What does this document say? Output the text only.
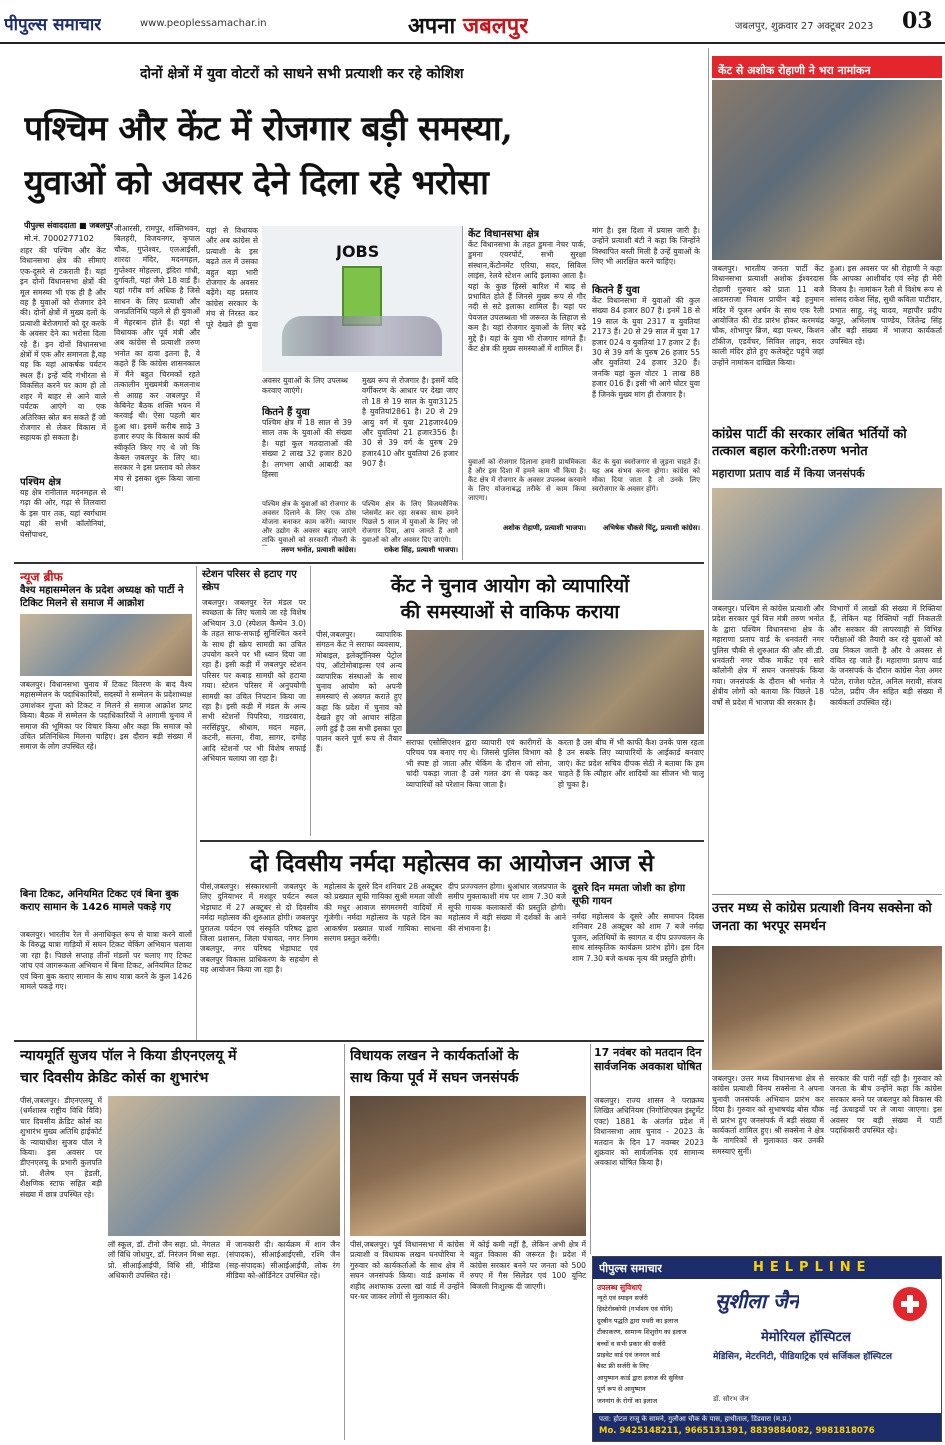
पीपुल्स समाचार	www.peoplessamachar.in	अपना जबलपुर	जबलपुर, शुक्रवार 27 अक्टूबर 2023 03
दोनों क्षेत्रों में युवा वोटरों को साधने सभी प्रत्याशी कर रहे कोशिश
पश्चिम और केंट में रोजगार बड़ी समस्या,
युवाओं को अवसर देने दिला रहे भरोसा
पीपुल्स संवाददाता ■ जबलपुर
मो.नं. 7000277102
शहर की पश्चिम और केंट विधानसभा क्षेत्र की सीमाएं एक-दूसरे से टकराती हैं। यहां इन दोनों विधानसभा क्षेत्रों की मूल समस्या भी एक ही है और वह है युवाओं को रोजगार देने की। दोनों क्षेत्रों में मुख्य दलों के प्रत्याशी बेरोजगारों को दूर करके के अवसर देने का भरोसा दिला रहे हैं। इन दोनों विधानसभा क्षेत्रों में एक और समानता है,वह यह कि यहां आकर्षक पर्यटन स्थल हैं। इन्हें यदि गंभीरता से विकसित करने पर काम हो तो शहर में बाहर से आने वाले पर्यटक आएंगे वा एक अतिरिक्त स्रोत बन सकते हैं जो रोजगार से लेकर विकास में सहायक हो सकता है।
पश्चिम क्षेत्र
यह क्षेत्र रानीताल मदनमहल से गढ़ा की ओर, गढ़ा से तिलवारा के इस पार तक, यहां स्वर्गधाम यहां की सभी कॉलोनियां, घेसोंपाथर,
जीआरसी, रामपुर, शक्तिभवन, बिलहरी, विजयनगर, कृपाल चौक, गुप्तेश्वर, एलआईसी, शारदा मंदिर, मदनमहल, गुप्तेश्वर मोहल्ला, इंदिरा गांधी, दुर्गावती, यहां जैसे 18 वार्ड हैं। यहां गरीब वर्ग अधिक है जिसे साधन के लिए प्रत्याशी और जनप्रतिनिधि पहले से ही युवाओं में मेहरबान होते हैं। यहां से विधायक और पूर्व मंत्री और अब कांग्रेस से प्रत्याशी तरुण भनोत का दावा इतना है, वे कहते हैं कि कांग्रेस शासनकाल में मैंने बहुत चिरमकों रहते तत्कालीन मुख्यमंत्री कमलनाथ से आग्रह कर जबलपुर में केबिनेट बैठक शक्ति भवन में करवाई थी। ऐसा पहली बार हुआ था। इसमें करीब साढ़े 3 हजार रुपए के विकास कार्य की स्वीकृति किए गए थे जो कि केबल जबलपुर के लिए था। सरकार ने इस प्रस्ताव को लेकर मंच से इसका शुरू किया जाना था।
JOBS
यहां से विधायक और अब कांग्रेस से प्रत्याशी के इस बढ़ते तल में उसका बहुत बड़ा भारी रोजगार के अवसर बढ़ेंगे। यह प्रस्ताव कांग्रेस सरकार के मंच से निरस्त कर पूरे देखते ही युवा
अवसर युवाओं के लिए उपलब्ध करवाए जाएंगे।
कितने हैं युवा
पश्चिम क्षेत्र में 18 साल से 39 साल तक के युवाओं की संख्या है। यहां कुल मतदाताओं की संख्या 2 लाख 32 हजार 820 है। लगभग आधी आबादी का हिस्सा
मुख्य रूप से रोजगार है। इसमें यदि वर्गीकरण के आधार पर देखा जाए तो 18 से 19 साल के युवा3125 है युवतियां2861 है। 20 से 29 आयु वर्ग में युवा 21हजार409 और युवतियां 21 हजार356 है। 30 से 39 वर्ग के पुरुष 29 हजार410 और युवतियां 26 हजार 907 है।
पश्चिम क्षेत्र के युवाओं को रोजगार के अवसर दिलाने के लिए एक ठोस योजना बनाकर काम करेंगे। व्यापार और उद्योग के अवसर बढ़ाए जाएंगे ताकि युवाओं को सरकारी नौकरी के
तरुण भनोत, प्रत्याशी कांग्रेस।
पश्चिम क्षेत्र के लिए विजयसैनिक प्लेसमेंट कर रहा सबका साथ हमने पिछले 5 साल में युवाओं के लिए जो रोजगार दिया, आप जानते हैं आगे युवाओं को और अवसर दिए जाएंगे।
राकेश सिंह, प्रत्याशी भाजपा।
केंट विधानसभा क्षेत्र
केंट विधानसभा के तहत डुमना नेचर पार्क, डुमना एयरपोर्ट, सभी सुरक्षा संस्थान,केंटोनमेंट एरिया, सदर, सिविल लाइंस, रेलवे स्टेशन आदि इलाका आता है। यहां के कुछ हिस्से बारिश में बाढ़ से प्रभावित होते हैं जिनसे मुख्य रूप से गौर नदी से सटे इलाका शामिल है। यहां पर पेयजल उपलब्धता भी जरूरत के लिहाज से कम है। यहां रोजगार युवाओं के लिए बढ़े मुद्दे है। यहां के युवा भी रोजगार मांगते हैं। केंट क्षेत्र की मुख्य समस्याओं में शामिल हैं।
युवाओं को रोजगार दिलाना हमारी प्राथमिकता है और इस दिशा में हमने काम भी किया है। कैंट क्षेत्र में रोजगार के अवसर उपलब्ध करवाने के लिए योजनाबद्ध तरीके से काम किया जाएगा।
अशोक रोहाणी, प्रत्याशी भाजपा।
मांग है। इस दिशा में प्रयास जारी है। उन्होंने प्रत्याशी बंटी ने कहा कि जिन्होंने विस्थापित बस्ती मिली है उन्हें युवाओं के लिए भी आरक्षित करने चाहिए।
कितने हैं युवा
केंट विधानसभा में युवाओं की कुल संख्या 84 हजार 807 है। इनमें 18 से 19 साल के युवा 2317 व युवतियां 2173 हैं। 20 से 29 साल में युवा 17 हजार 024 व युवतियां 17 हजार 2 हैं। 30 से 39 वर्ग के पुरुष 26 हजार 55 और युवतियां 24 हजार 320 हैं। जनकि यहां कुल वोटर 1 लाख 88 हजार 016 हैं। इसी भी आगे घोटर युवा हैं जिनके मुख्य मांग ही रोजगार है।
केंट के युवा स्वरोजगार से जुड़ना चाहते हैं। यह अब संभव करना होगा। कांग्रेस को मौका दिया जाता है तो उनके लिए स्वरोजगार के अवसर होंगे।
अभिषेक चौकसे चिंटू, प्रत्याशी कांग्रेस।
केंट से अशोक रोहाणी ने भरा नामांकन
जबलपुर। भारतीय जनता पार्टी केंट विधानसभा प्रत्याशी अशोक ईश्वरदास रोहाणी गुरुवार को प्रातः 11 बजे आदमराजा निवास प्राचीन बड़े हनुमान मंदिर में पूजन अर्चन के साथ एक रैली आयोजित की रोड प्रारंभ होकर करमचंद्र चौक, शोभापुर ब्रिज, बड़ा पत्थर, किशन टॉकीज, एडवेंचर, सिविल लाइन, सदर काली मंदिर होते हुए कलेक्ट्रेट पहुंचे जहां उन्होंने नामांकन दाखिल किया।
हुआ। इस अवसर पर श्री रोहाणी ने कहा कि आपका आशीर्वाद एवं स्नेह ही मेरी विजय है। नामांकन रैली में विशेष रूप से सांसद राकेश सिंह, सुधी कविता पाटीदार, प्रभात साहू, नंदू यादव, महापौर प्रदीप कपूर, अभिलाष पाण्डेय, जितेन्द्र सिंह और बड़ी संख्या में भाजपा कार्यकर्ता उपस्थित रहे।
कांग्रेस पार्टी की सरकार लंबित भर्तियों को तत्काल बहाल करेगी:तरुण भनोत
महाराणा प्रताप वार्ड में किया जनसंपर्क
जबलपुर। पश्चिम से कांग्रेस प्रत्याशी और प्रदेश सरकार पूर्व वित्त मंत्री तरुण भनोत के द्वारा पश्चिम विधानसभा क्षेत्र के महाराणा प्रताप वार्ड के धनवंतरी नगर पुलिस चौकी से शुरुआत की और सी.डी. धनवंतरी नगर चौक मार्केट एवं सारे कॉलोनी क्षेत्र में सघन जनसंपर्क किया गया। जनसंपर्क के दौरान श्री भनोत ने क्षेत्रीय लोगों को बताया कि पिछले 18 वर्षों से प्रदेश में भाजपा की सरकार है।
विभागों में लाखों की संख्या में रिक्तियां हैं, लेकिन यह रिक्तियों नहीं निकलती और सरकार की लापरवाही से विभिन्न परीक्षाओं की तैयारी कर रहे युवाओं को उम्र निकल जाती है और वे अवसर से वंचित रह जाते हैं। महाराणा प्रताप वार्ड के जनसंपर्क के दौरान कांग्रेस नेता अमर पटेल, राजेश पटेल, अनिल मरावी, संजय पटेल, प्रदीप जैन सहित बड़ी संख्या में कार्यकर्ता उपस्थित रहे।
उत्तर मध्य से कांग्रेस प्रत्याशी विनय सक्सेना को जनता का भरपूर समर्थन
जबलपुर। उत्तर मध्य विधानसभा क्षेत्र से कांग्रेस प्रत्याशी विनय सक्सेना ने अपना चुनावी जनसंपर्क अभियान प्रारंभ कर दिया है। गुरुवार को सुभाषचंद्र बोस चौक से प्रारंभ हुए जनसंपर्क में बड़ी संख्या में कार्यकर्ता शामिल हुए। श्री सक्सेना ने क्षेत्र के नागरिकों से मुलाकात कर उनकी समस्याएं सुनीं।
सरकार की पारी नहीं रही है। गुरुवार को जनता के बीच उन्होंने कहा कि कांग्रेस सरकार बनने पर जबलपुर को विकास की नई ऊंचाइयों पर ले जाया जाएगा। इस अवसर पर बड़ी संख्या में पार्टी पदाधिकारी उपस्थित रहे।
न्यूज ब्रीफ
वैश्य महासम्मेलन के प्रदेश अध्यक्ष को पार्टी ने टिकिट मिलने से समाज में आक्रोश
जबलपुर। विधानसभा चुनाव में टिकट वितरण के बाद वैश्य महासम्मेलन के पदाधिकारियों, सदस्यों ने सम्मेलन के प्रदेशाध्यक्ष उमाशंकर गुप्ता को टिकट न मिलने से समाज आक्रोश प्रगट किया। बैठक में सम्मेलन के पदाधिकारियों ने आगामी चुनाव में समाज की भूमिका पर विचार किया और कहा कि समाज को उचित प्रतिनिधित्व मिलना चाहिए। इस दौरान बड़ी संख्या में समाज के लोग उपस्थित रहे।
बिना टिकट, अनियमित टिकट एवं बिना बुक कराए सामान के 1426 मामले पकड़े गए
जबलपुर। भारतीय रेल में अनाधिकृत रूप से यात्रा करने वालों के विरुद्ध यात्रा गाड़ियों में सघन टिकट चेकिंग अभियान चलाया जा रहा है। पिछले सप्ताह तीनों मंडलों पर चलाए गए टिकट जांच एवं जागरूकता अभियान में बिना टिकट, अनियमित टिकट एवं बिना बुक कराए सामान के साथ यात्रा करने के कुल 1426 मामले पकड़े गए।
स्टेशन परिसर से हटाए गए स्क्रेप
जबलपुर। जबलपुर रेल मंडल पर स्वच्छता के लिए चलाये जा रहे विशेष अभियान 3.0 (स्पेशल कैम्पेन 3.0) के तहत साफ-सफाई सुनिश्चित करने के साथ ही स्क्रेप सामग्री का उचित उपयोग करने पर भी ध्यान दिया जा रहा है। इसी कड़ी में जबलपुर स्टेशन परिसर पर कबाड़ सामग्री को हटाया गया। स्टेशन परिसर में अनुपयोगी सामग्री का उचित निपटान किया जा रहा है। इसी कड़ी में मंडल के अन्य सभी स्टेशनों पिपरिया, गाडरवारा, नरसिंहपुर, श्रीधाम, मदन महल, कटनी, सतना, रीवा, सागर, दमोह आदि स्टेशनों पर भी विशेष सफाई अभियान चलाया जा रहा है।
केंट ने चुनाव आयोग को व्यापारियों
की समस्याओं से वाकिफ कराया
पीसं,जबलपुर। व्यापारिक संगठन केंट ने सराफा व्यवसाय, मोबाइल, इलेक्ट्रॉनिक्स पेट्रोल पंप, ऑटोमोबाइल्स एवं अन्य व्यापारिक संस्थाओं के साथ चुनाव आयोग को अपनी समस्याएं से अवगत कराते हुए कहा कि प्रदेश में चुनाव को देखते हुए जो आचार संहिता लगी हुई है उस सभी इसका पूरा पालन करने पूर्ण रूप से तैयार हैं।
सराफा एसोसिएशन द्वारा व्यापारी एवं कारीगरों के परिचय पत्र बनाए गए थे। जिससे पुलिस विभाग को भी स्पष्ट हो जाता और चेकिंग के दौरान जो सोना, चांदी पकड़ा जाता है उसे गलत ढंग से पकड़ कर व्यापारियों को परेशान किया जाता है।
करता है उस बीच में भी काफी कैश उनके पास रहता है उन सबके लिए व्यापारियों के आईकार्ड बनवाए जाएं। केंट प्रदेश सचिव दीपक सेठी ने बताया कि हम चाहते हैं कि त्यौहार और शादियों का सीजन भी चालू हो चुका है।
दो दिवसीय नर्मदा महोत्सव का आयोजन आज से
पीसं,जबलपुर। संस्कारधानी जबलपुर के लिए दुनियाभर में मशहूर पर्यटन स्थल भेड़ाघाट में 27 अक्टूबर से दो दिवसीय नर्मदा महोत्सव की शुरुआत होगी। जबलपुर पुरातत्व पर्यटन एवं संस्कृति परिषद द्वारा जिला प्रशासन, जिला पंचायत, नगर निगम जबलपुर, नगर परिषद भेड़ाघाट एवं जबलपुर विकास प्राधिकरण के सहयोग से यह आयोजन किया जा रहा है।
महोत्सव के दूसरे दिन शनिवार 28 अक्टूबर को प्रख्यात सूफी गायिका सुश्री ममता जोशी की मधुर आवाज संगमरमरी वादियों में गूंजेगी। नर्मदा महोत्सव के पहले दिन का आकर्षण प्रख्यात पार्श्व गायिका साधना सरगम प्रस्तुत करेंगी।
दीप प्रज्ज्वलन होगा। धुआंधार जलप्रपात के समीप मुक्ताकाशी मंच पर शाम 7.30 बजे सूफी गायक कलाकारों की प्रस्तुति होगी। महोत्सव में बड़ी संख्या में दर्शकों के आने की संभावना है।
दूसरे दिन ममता जोशी का होगा सूफी गायन
नर्मदा महोत्सव के दूसरे और समापन दिवस शनिवार 28 अक्टूबर को शाम 7 बजे नर्मदा पूजन, अतिथियों के स्वागत व दीप प्रज्ज्वलन के साथ सांस्कृतिक कार्यक्रम प्रारंभ होंगे। इस दिन शाम 7.30 बजे कथक नृत्य की प्रस्तुति होगी।
न्यायमूर्ति सुजय पॉल ने किया डीएनएलयू में
चार दिवसीय क्रेडिट कोर्स का शुभारंभ
पीसं,जबलपुर। डीएनएलयू में (धर्मशास्त्र राष्ट्रीय विधि विवि) चार दिवसीय क्रेडिट कोर्स का शुभारंभ मुख्य अतिथि हाईकोर्ट के न्यायाधीश सुजय पॉल ने किया। इस अवसर पर डीएनएलयू के प्रभारी कुलपति प्रो. शैलेष एन हेडली, शैक्षणिक स्टाफ सहित बड़ी संख्या में छात्र उपस्थित रहे।
लॉ स्कूल, डॉ. टीनो जैन सहा. प्रो. नेगलत लॉ विधि जोधपुर, डॉ. निरंजन मिश्रा सहा. प्रो. सीआईआईपी, विधि सी, मीडिया अधिकारी उपस्थित रहे।
में जानकारी दी। कार्यक्रम में शान जैन (संपादक), सीआईआईएसी, रश्मि जैन (सह-संपादक) सीआईआईपी, लोक रंग मीडिया को-ऑर्डिनेटर उपस्थित रहे।
विधायक लखन ने कार्यकर्ताओं के
साथ किया पूर्व में सघन जनसंपर्क
पीसं,जबलपुर। पूर्व विधानसभा में कांग्रेस प्रत्याशी व विधायक लखन घनघोरिया ने गुरुवार को कार्यकर्ताओं के साथ क्षेत्र में सघन जनसंपर्क किया। वार्ड क्रमांक में शहीद अशफाक उल्ला खां वार्ड में उन्होंने घर-घर जाकर लोगों से मुलाकात की।
में कोई कमी नहीं है, लेकिन अभी क्षेत्र में बहुत विकास की जरूरत है। प्रदेश में कांग्रेस सरकार बनने पर जनता को 500 रुपए में गैस सिलेंडर एवं 100 यूनिट बिजली निःशुल्क दी जाएगी।
17 नवंबर को मतदान दिन सार्वजनिक अवकाश घोषित
जबलपुर। राज्य शासन ने पराक्रम्य लिखित अधिनियम (निगोशिएबल इंस्ट्रूमेंट एक्ट) 1881 के अंतर्गत प्रदेश में विधानसभा आम चुनाव - 2023 के मतदान के दिन 17 नवम्बर 2023 शुक्रवार को सार्वजनिक एवं सामान्य अवकाश घोषित किया है।
पीपुल्स समाचार	HELPLINE
उपलब्ध सुविधाएं
न्यूरो एवं स्पाइन सर्जरी
हिस्टेरोस्कोपी (गर्भाशय एवं योनि)
दूरबीन पद्धति द्वारा पथरी का इलाज
टीकाकरण, सामान्य शिशुरोग का इलाज
बच्चों व सभी प्रकार की सर्जरी
प्राइवेट वार्ड एवं जनरल वार्ड
बेस्ट फ्री सर्जरी के लिए
आयुष्मान कार्ड द्वारा इलाज की सुविधा
पूर्ण रूप से आयुष्मान
जननांग के रोगों का इलाज
सुशीला जैन
मेमोरियल हॉस्पिटल
मेडिसिन, मेटरनिटी, पीडियाट्रिक एवं सर्जिकल हॉस्पिटल
डॉ. सौरभ जैन
पता: होटल राजू के सामने, गुलौआ चौक के पास, हाथीताल, डिंडवारा (म.प्र.)
Mo. 9425148211, 9665131391, 8839884082, 9981818076
